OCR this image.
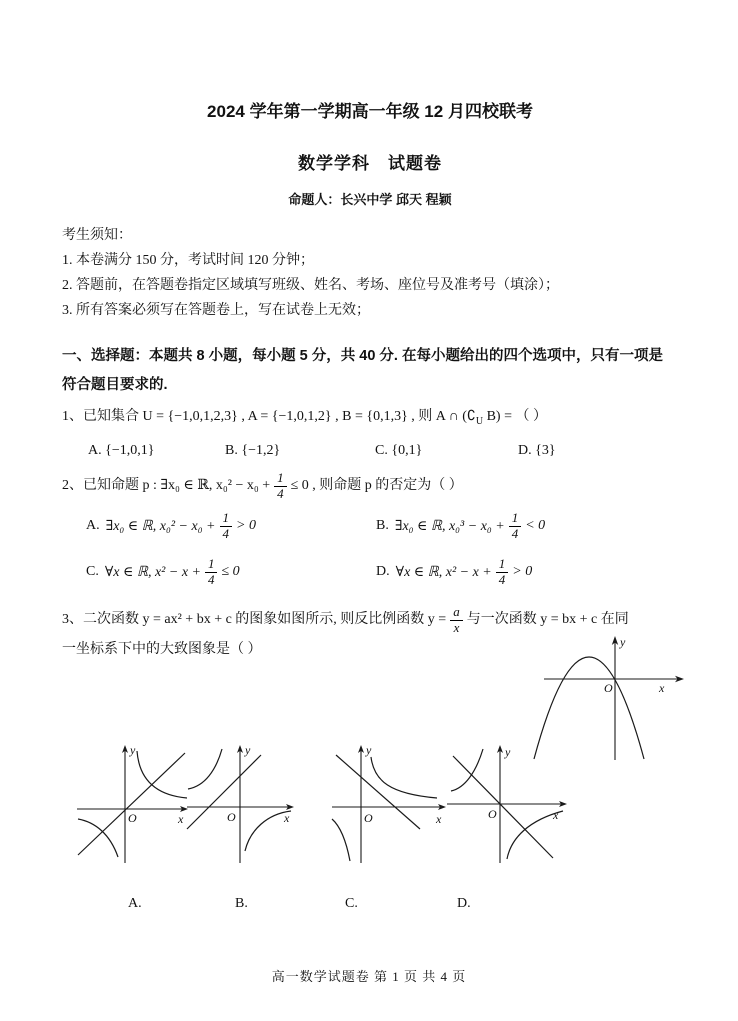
2024 学年第一学期高一年级 12 月四校联考
数学学科　试题卷
命题人：长兴中学 邱天 程颖

考生须知：

1. 本卷满分 150 分，考试时间 120 分钟；

2. 答题前，在答题卷指定区域填写班级、姓名、考场、座位号及准考号（填涂）；

3. 所有答案必须写在答题卷上，写在试卷上无效；

一、选择题：本题共 8 小题，每小题 5 分，共 40 分. 在每小题给出的四个选项中，只有一项是
符合题目要求的.

1、已知集合 U = {−1,0,1,2,3} , A = {−1,0,1,2} , B = {0,1,3} , 则 A ∩ ($∁_U$ B) = （ ）

A. {−1,0,1}	B. {−1,2}	C. {0,1}	D. {3}
2、已知命题 p : ∃x₀ ∈ ℝ, $x_0^2 - x_0 + \frac{1}{4} \le 0$ , 则命题 p 的否定为（ ）
A. ∃x₀ ∈ ℝ, $x_0^2 - x_0 + \frac{1}{4} > 0$	B. ∃x₀ ∈ ℝ, $x_0^3 - x_0 + \frac{1}{4} < 0$
C. ∀x ∈ ℝ, $x^2 - x + \frac{1}{4} \le 0$	D. ∀x ∈ ℝ, $x^2 - x + \frac{1}{4} > 0$
3、二次函数 y = ax² + bx + c 的图象如图所示, 则反比例函数 $y = \frac{a}{x}$ 与一次函数 y = bx + c 在同
一坐标系下中的大致图象是（ ）
O	x
y
O	x
y
O	x
y
O	x
y
O	x
y
A.	B.	C.	D.
高一数学试题卷 第 1 页 共 4 页
